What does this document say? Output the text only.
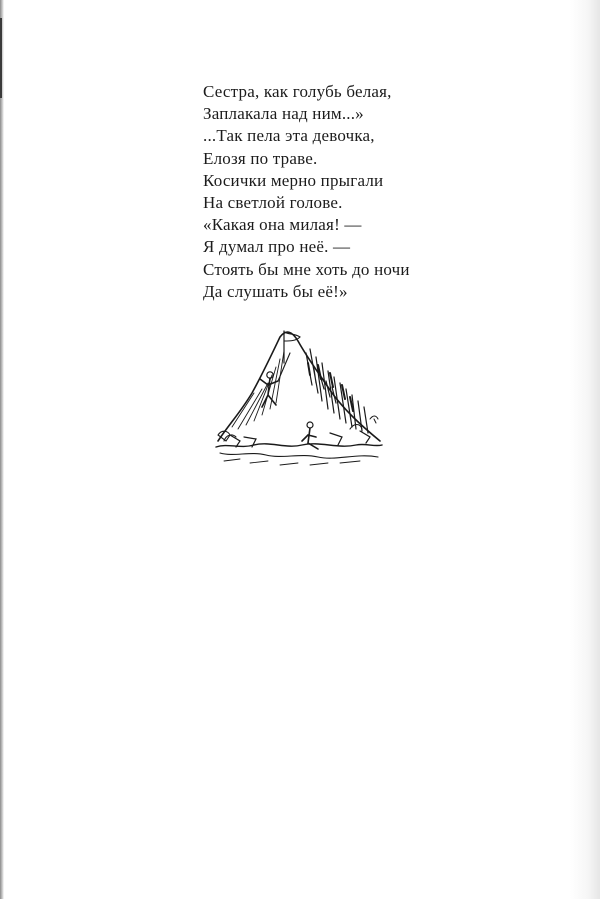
Сестра, как голубь белая,
Заплакала над ним...»
...Так пела эта девочка,
Елозя по траве.
Косички мерно прыгали
На светлой голове.
«Какая она милая! —
Я думал про неё. —
Стоять бы мне хоть до ночи
Да слушать бы её!»
